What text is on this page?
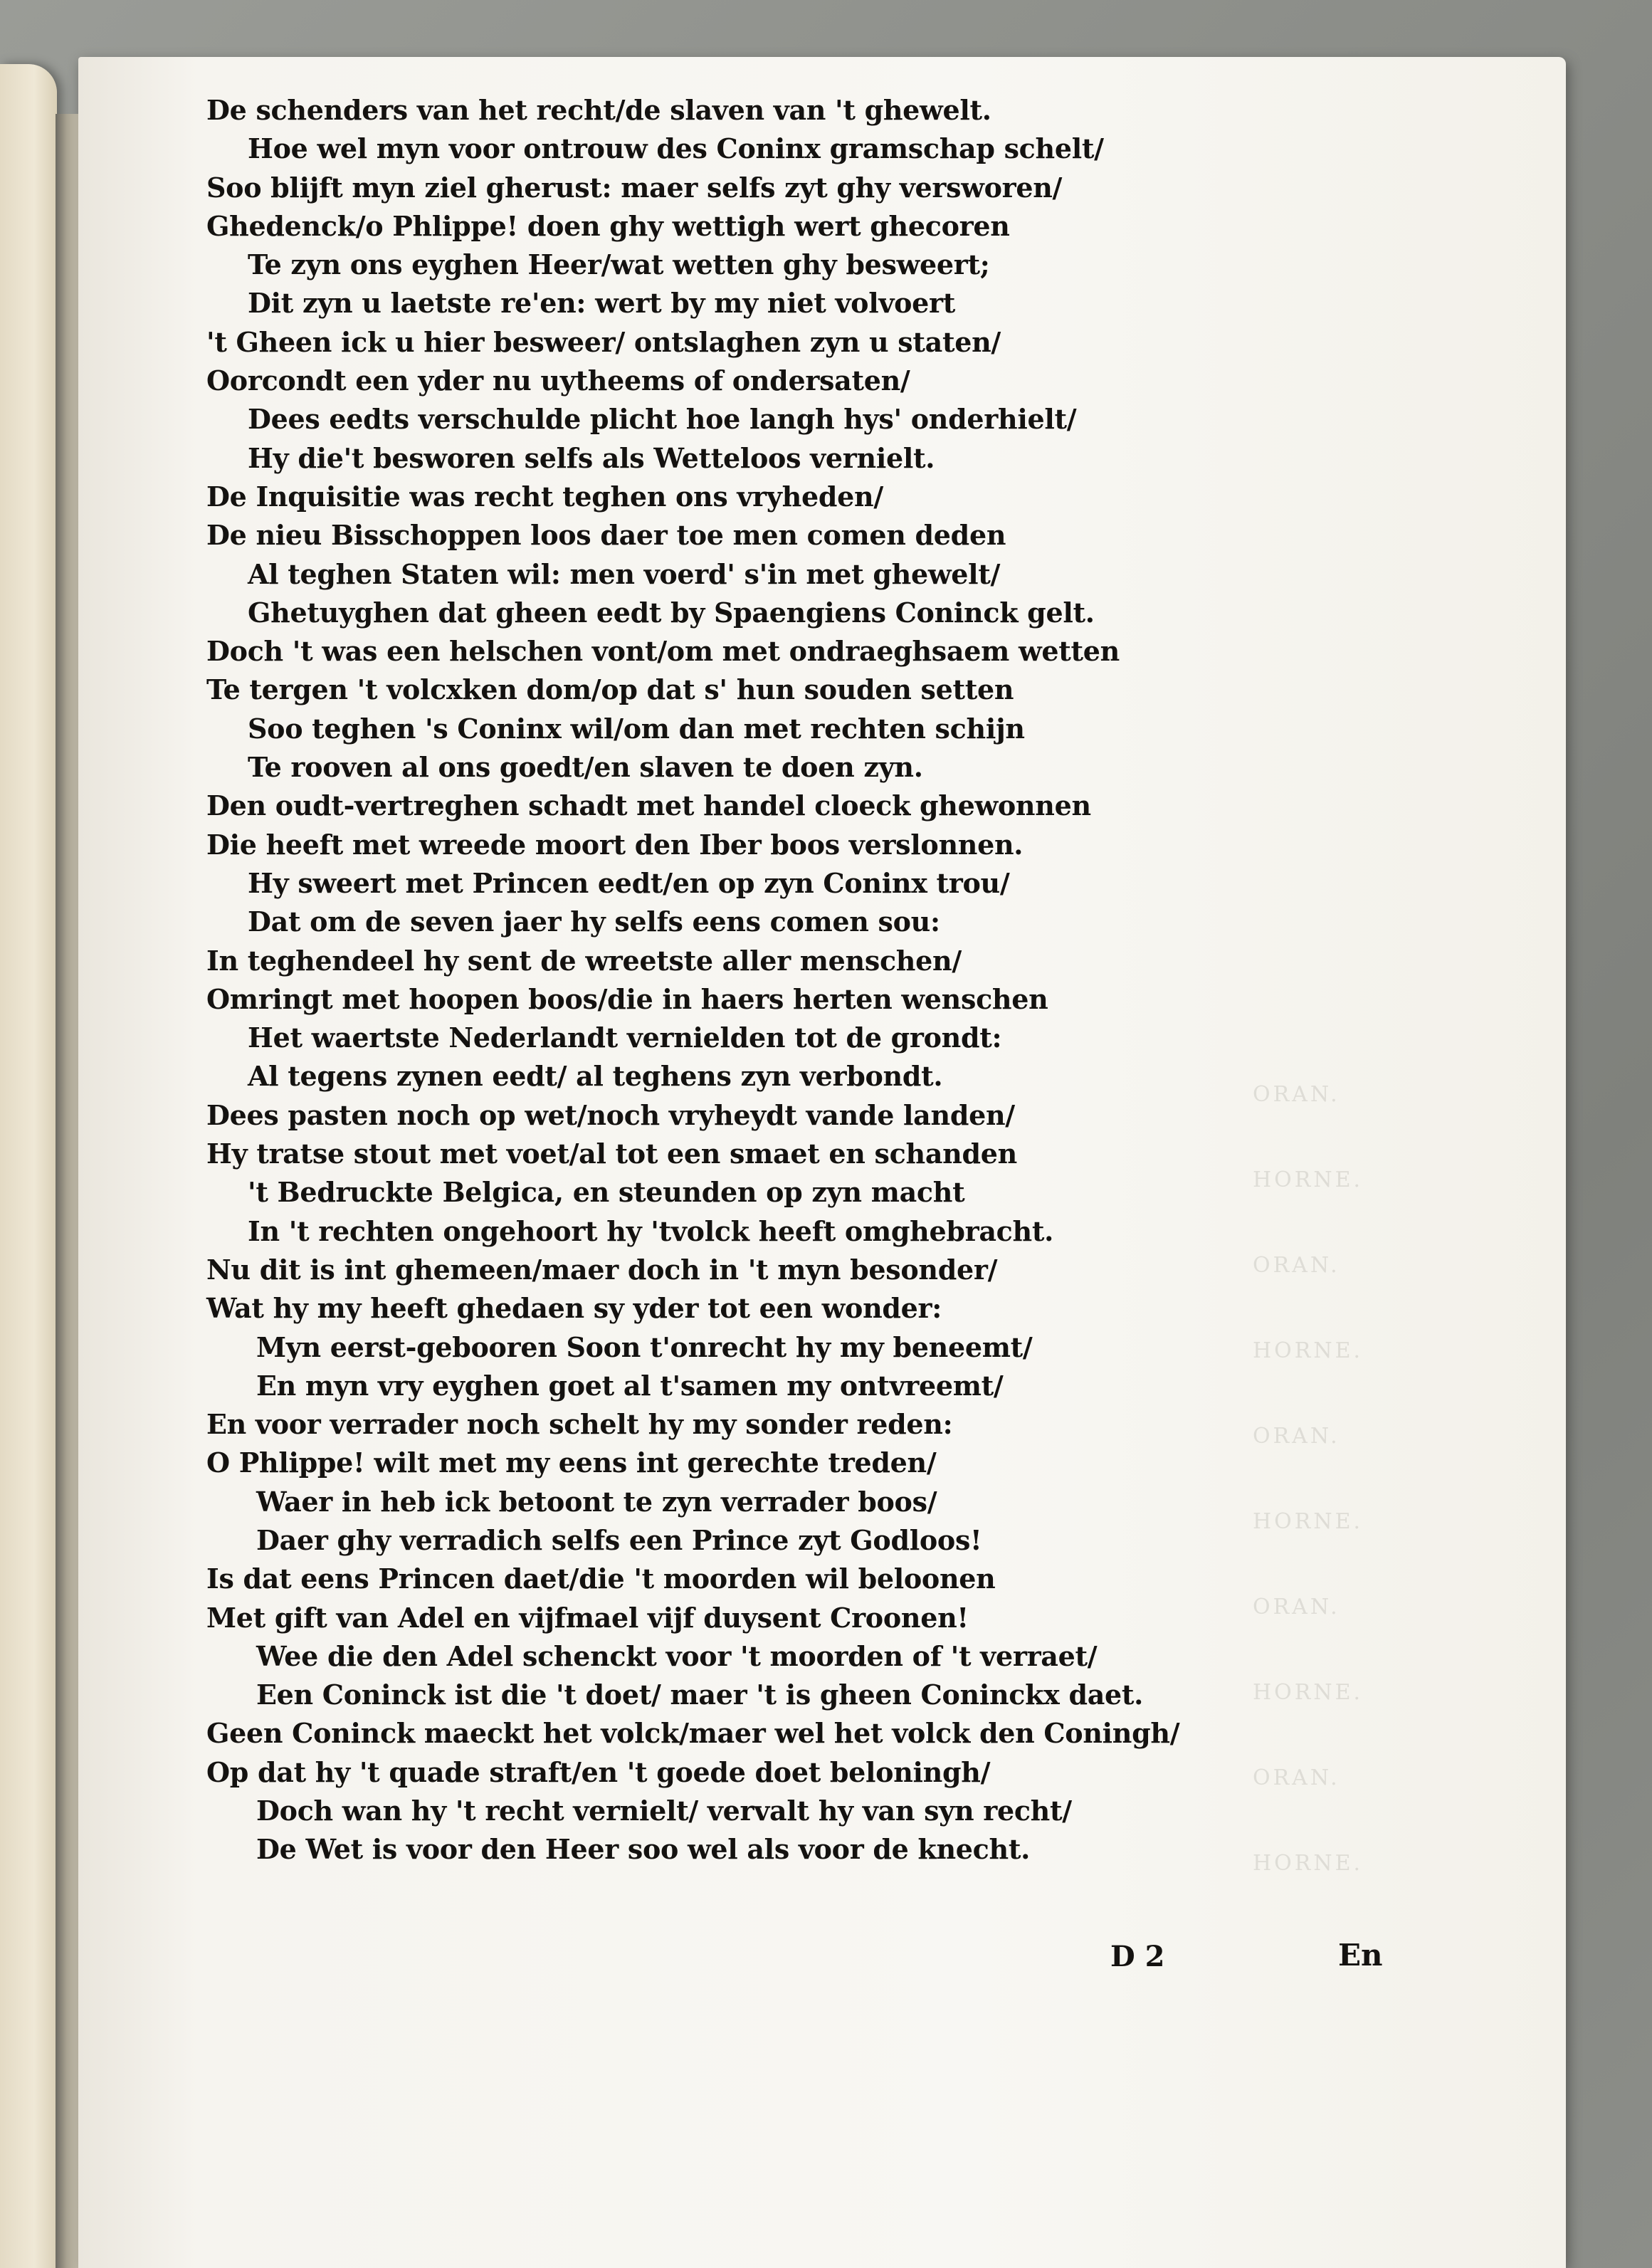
ORAN.
HORNE.
ORAN.
HORNE.
ORAN.
HORNE.
ORAN.
HORNE.
ORAN.
HORNE.
De schenders van het recht/de slaven van 't ghewelt.
Hoe wel myn voor ontrouw des Coninx gramschap schelt/
Soo blijft myn ziel gherust: maer selfs zyt ghy versworen/
Ghedenck/o Phlippe! doen ghy wettigh wert ghecoren
Te zyn ons eyghen Heer/wat wetten ghy besweert;
Dit zyn u laetste re'en: wert by my niet volvoert
't Gheen ick u hier besweer/ ontslaghen zyn u staten/
Oorcondt een yder nu uytheems of ondersaten/
Dees eedts verschulde plicht hoe langh hys' onderhielt/
Hy die't besworen selfs als Wetteloos vernielt.
De Inquisitie was recht teghen ons vryheden/
De nieu Bisschoppen loos daer toe men comen deden
Al teghen Staten wil: men voerd' s'in met ghewelt/
Ghetuyghen dat gheen eedt by Spaengiens Coninck gelt.
Doch 't was een helschen vont/om met ondraeghsaem wetten
Te tergen 't volcxken dom/op dat s' hun souden setten
Soo teghen 's Coninx wil/om dan met rechten schijn
Te rooven al ons goedt/en slaven te doen zyn.
Den oudt-vertreghen schadt met handel cloeck ghewonnen
Die heeft met wreede moort den Iber boos verslonnen.
Hy sweert met Princen eedt/en op zyn Coninx trou/
Dat om de seven jaer hy selfs eens comen sou:
In teghendeel hy sent de wreetste aller menschen/
Omringt met hoopen boos/die in haers herten wenschen
Het waertste Nederlandt vernielden tot de grondt:
Al tegens zynen eedt/ al teghens zyn verbondt.
Dees pasten noch op wet/noch vryheydt vande landen/
Hy tratse stout met voet/al tot een smaet en schanden
't Bedruckte Belgica, en steunden op zyn macht
In 't rechten ongehoort hy 'tvolck heeft omghebracht.
Nu dit is int ghemeen/maer doch in 't myn besonder/
Wat hy my heeft ghedaen sy yder tot een wonder:
Myn eerst-gebooren Soon t'onrecht hy my beneemt/
En myn vry eyghen goet al t'samen my ontvreemt/
En voor verrader noch schelt hy my sonder reden:
O Phlippe! wilt met my eens int gerechte treden/
Waer in heb ick betoont te zyn verrader boos/
Daer ghy verradich selfs een Prince zyt Godloos!
Is dat eens Princen daet/die 't moorden wil beloonen
Met gift van Adel en vijfmael vijf duysent Croonen!
Wee die den Adel schenckt voor 't moorden of 't verraet/
Een Coninck ist die 't doet/ maer 't is gheen Coninckx daet.
Geen Coninck maeckt het volck/maer wel het volck den Coningh/
Op dat hy 't quade straft/en 't goede doet beloningh/
Doch wan hy 't recht vernielt/ vervalt hy van syn recht/
De Wet is voor den Heer soo wel als voor de knecht.
D 2	En
